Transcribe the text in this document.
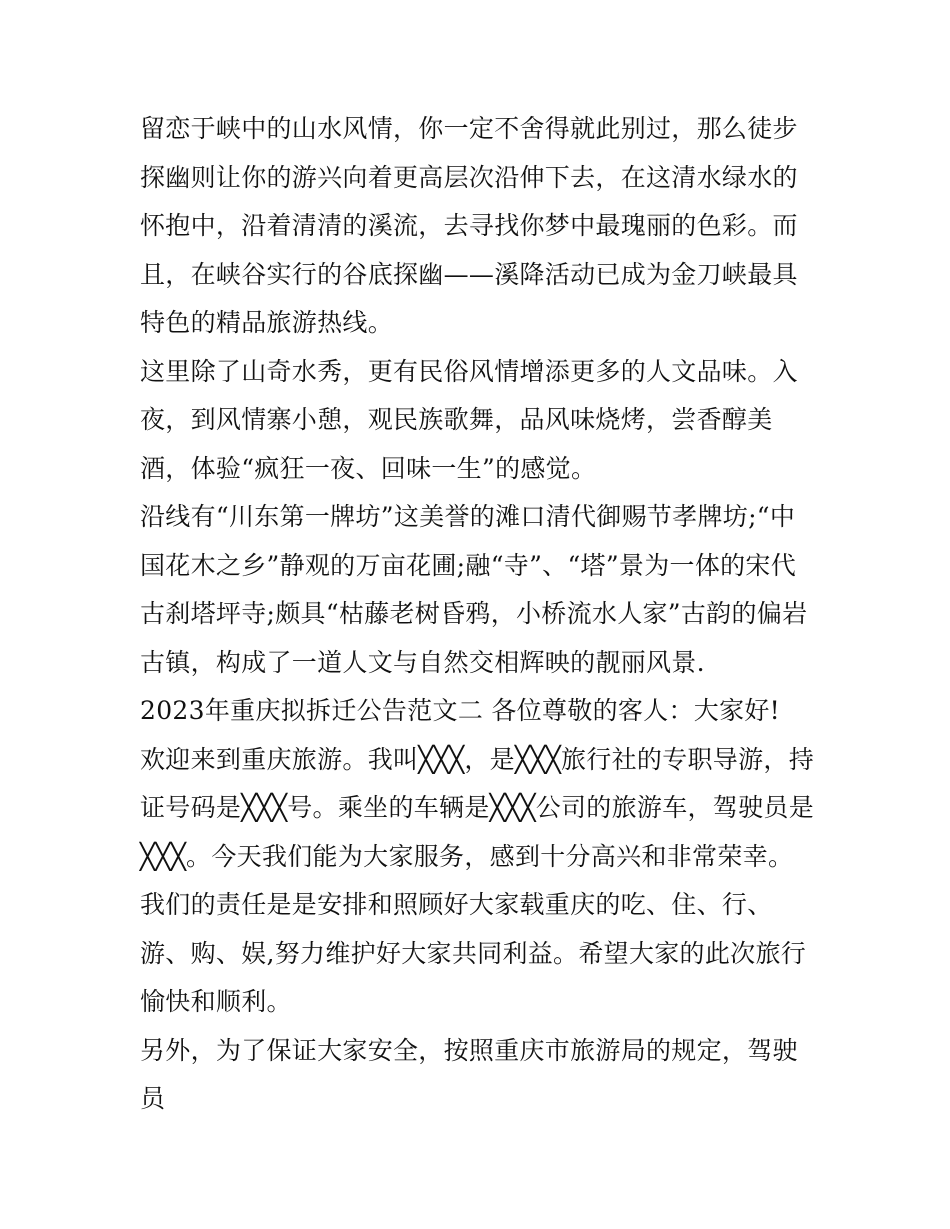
留恋于峡中的山水风情，你一定不舍得就此别过，那么徒步探幽则让你的游兴向着更高层次沿伸下去，在这清水绿水的怀抱中，沿着清清的溪流，去寻找你梦中最瑰丽的色彩。而且，在峡谷实行的谷底探幽——溪降活动已成为金刀峡最具特色的精品旅游热线。

这里除了山奇水秀，更有民俗风情增添更多的人文品味。入夜，到风情寨小憩，观民族歌舞，品风味烧烤，尝香醇美酒，体验“疯狂一夜、回味一生”的感觉。

沿线有“川东第一牌坊”这美誉的滩口清代御赐节孝牌坊;“中国花木之乡”静观的万亩花圃;融“寺”、“塔”景为一体的宋代古刹塔坪寺;颇具“枯藤老树昏鸦，小桥流水人家”古韵的偏岩古镇，构成了一道人文与自然交相辉映的靓丽风景.

2023年重庆拟拆迁公告范文二 各位尊敬的客人：大家好!

欢迎来到重庆旅游。我叫╳╳╳，是╳╳╳旅行社的专职导游，持证号码是╳╳╳号。乘坐的车辆是╳╳╳公司的旅游车，驾驶员是╳╳╳。今天我们能为大家服务，感到十分高兴和非常荣幸。我们的责任是是安排和照顾好大家载重庆的吃、住、行、游、购、娱,努力维护好大家共同利益。希望大家的此次旅行愉快和顺利。

另外，为了保证大家安全，按照重庆市旅游局的规定，驾驶员
